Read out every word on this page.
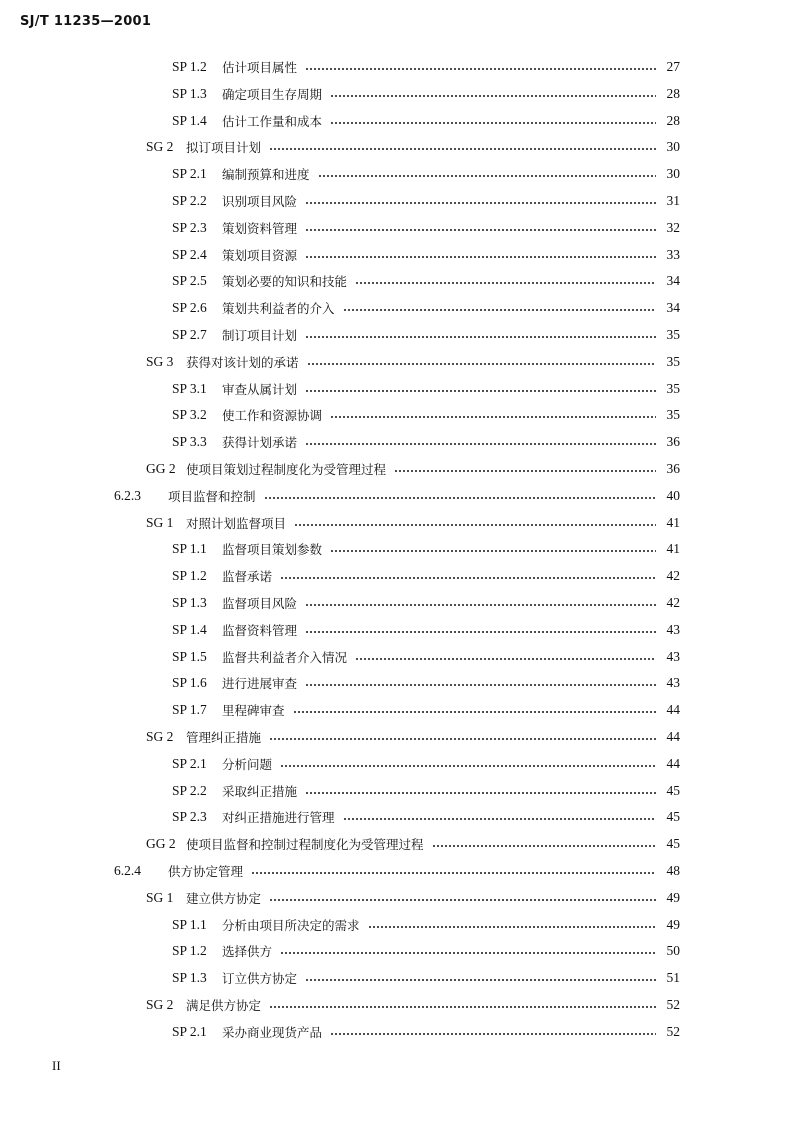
SJ/T 11235—2001
SP 1.2	估计项目属性	27
SP 1.3	确定项目生存周期	28
SP 1.4	估计工作量和成本	28
SG 2	拟订项目计划	30
SP 2.1	编制预算和进度	30
SP 2.2	识别项目风险	31
SP 2.3	策划资料管理	32
SP 2.4	策划项目资源	33
SP 2.5	策划必要的知识和技能	34
SP 2.6	策划共利益者的介入	34
SP 2.7	制订项目计划	35
SG 3	获得对该计划的承诺	35
SP 3.1	审查从属计划	35
SP 3.2	使工作和资源协调	35
SP 3.3	获得计划承诺	36
GG 2 使项目策划过程制度化为受管理过程	36
6.2.3	项目监督和控制	40
SG 1	对照计划监督项目	41
SP 1.1	监督项目策划参数	41
SP 1.2	监督承诺	42
SP 1.3	监督项目风险	42
SP 1.4	监督资料管理	43
SP 1.5	监督共利益者介入情况	43
SP 1.6	进行进展审查	43
SP 1.7	里程碑审查	44
SG 2	管理纠正措施	44
SP 2.1	分析问题	44
SP 2.2	采取纠正措施	45
SP 2.3	对纠正措施进行管理	45
GG 2 使项目监督和控制过程制度化为受管理过程	45
6.2.4	供方协定管理	48
SG 1	建立供方协定	49
SP 1.1	分析由项目所决定的需求	49
SP 1.2	选择供方	50
SP 1.3	订立供方协定	51
SG 2	满足供方协定	52
SP 2.1	采办商业现货产品	52
II
